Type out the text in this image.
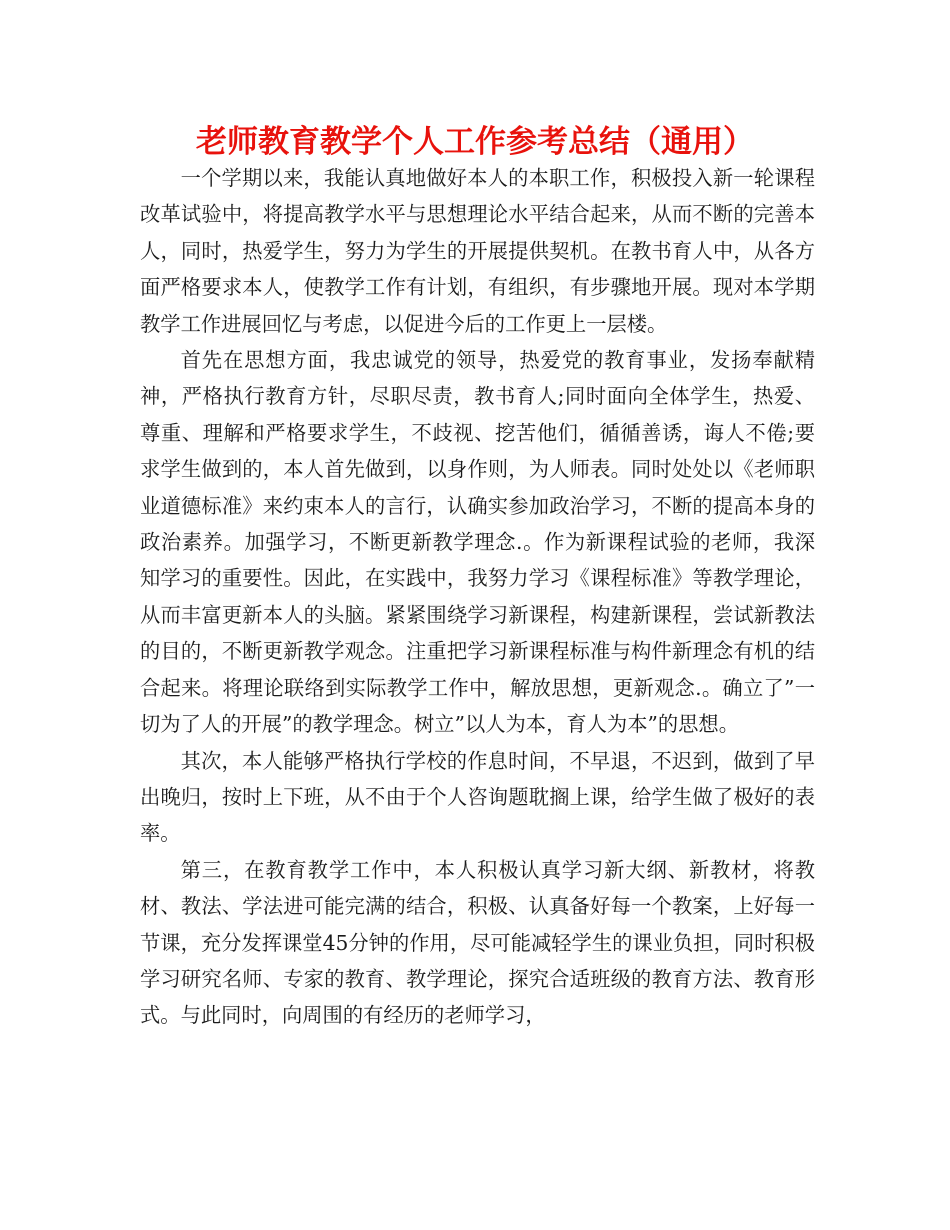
老师教育教学个人工作参考总结（通用）

一个学期以来，我能认真地做好本人的本职工作，积极投入新一轮课程改革试验中，将提高教学水平与思想理论水平结合起来，从而不断的完善本人，同时，热爱学生，努力为学生的开展提供契机。在教书育人中，从各方面严格要求本人，使教学工作有计划，有组织，有步骤地开展。现对本学期教学工作进展回忆与考虑，以促进今后的工作更上一层楼。

首先在思想方面，我忠诚党的领导，热爱党的教育事业，发扬奉献精神，严格执行教育方针，尽职尽责，教书育人;同时面向全体学生，热爱、尊重、理解和严格要求学生，不歧视、挖苦他们，循循善诱，诲人不倦;要求学生做到的，本人首先做到，以身作则，为人师表。同时处处以《老师职业道德标准》来约束本人的言行，认确实参加政治学习，不断的提高本身的政治素养。加强学习，不断更新教学理念.。作为新课程试验的老师，我深知学习的重要性。因此，在实践中，我努力学习《课程标准》等教学理论，从而丰富更新本人的头脑。紧紧围绕学习新课程，构建新课程，尝试新教法的目的，不断更新教学观念。注重把学习新课程标准与构件新理念有机的结合起来。将理论联络到实际教学工作中，解放思想，更新观念.。确立了”一切为了人的开展”的教学理念。树立”以人为本，育人为本”的思想。

其次，本人能够严格执行学校的作息时间，不早退，不迟到，做到了早出晚归，按时上下班，从不由于个人咨询题耽搁上课，给学生做了极好的表率。

第三，在教育教学工作中，本人积极认真学习新大纲、新教材，将教材、教法、学法进可能完满的结合，积极、认真备好每一个教案，上好每一节课，充分发挥课堂45分钟的作用，尽可能减轻学生的课业负担，同时积极学习研究名师、专家的教育、教学理论，探究合适班级的教育方法、教育形式。与此同时，向周围的有经历的老师学习，
